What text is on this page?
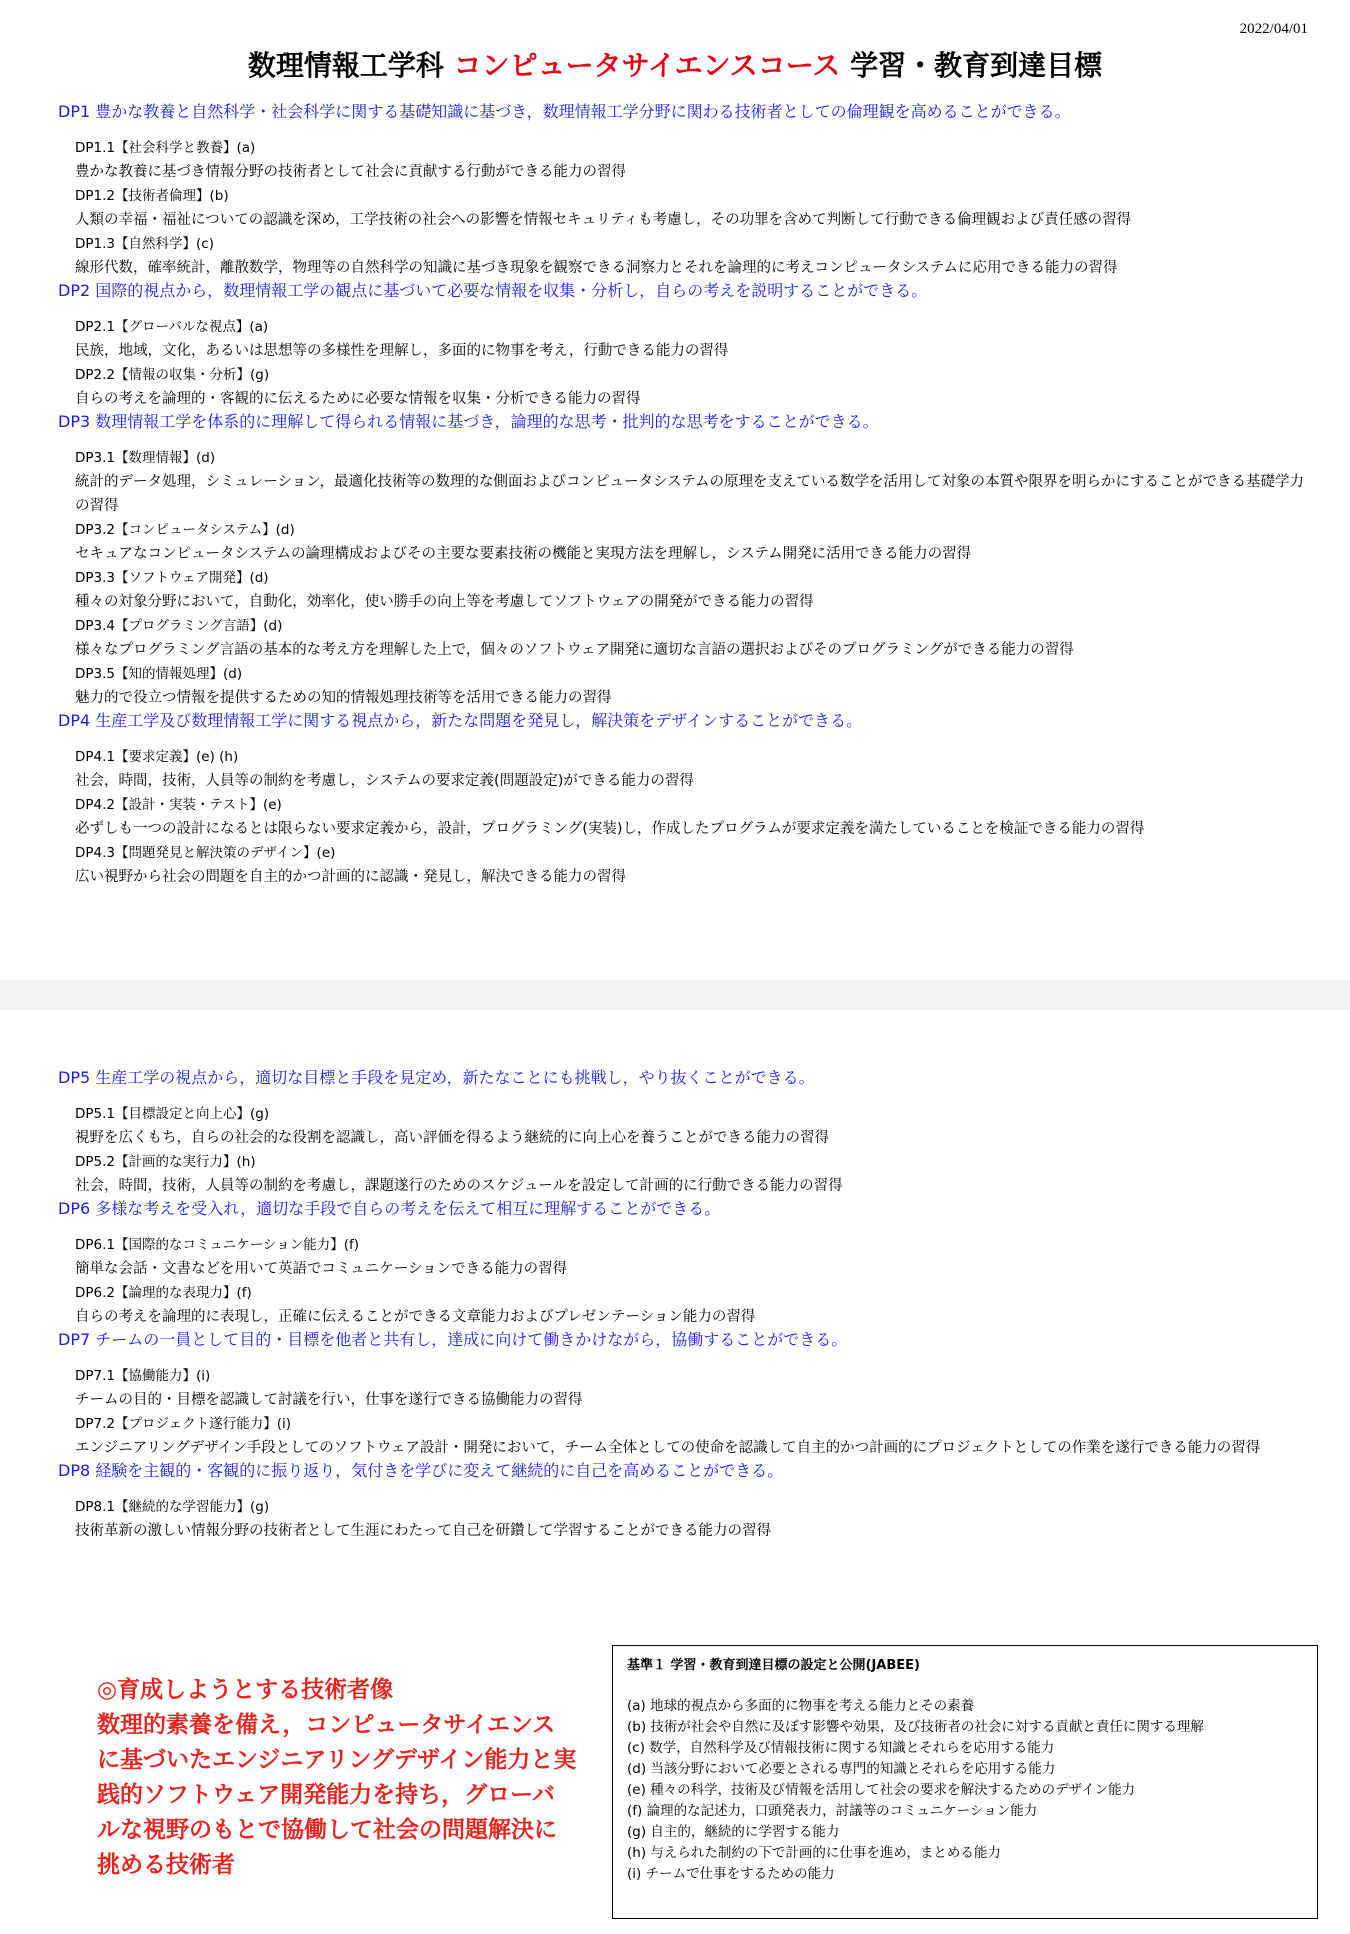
2022/04/01
数理情報工学科 コンピュータサイエンスコース 学習・教育到達目標
DP1 豊かな教養と自然科学・社会科学に関する基礎知識に基づき，数理情報工学分野に関わる技術者としての倫理観を高めることができる。
DP1.1【社会科学と教養】(a)
豊かな教養に基づき情報分野の技術者として社会に貢献する行動ができる能力の習得
DP1.2【技術者倫理】(b)
人類の幸福・福祉についての認識を深め，工学技術の社会への影響を情報セキュリティも考慮し，その功罪を含めて判断して行動できる倫理観および責任感の習得
DP1.3【自然科学】(c)
線形代数，確率統計，離散数学，物理等の自然科学の知識に基づき現象を観察できる洞察力とそれを論理的に考えコンピュータシステムに応用できる能力の習得
DP2 国際的視点から，数理情報工学の観点に基づいて必要な情報を収集・分析し，自らの考えを説明することができる。
DP2.1【グローバルな視点】(a)
民族，地域，文化，あるいは思想等の多様性を理解し，多面的に物事を考え，行動できる能力の習得
DP2.2【情報の収集・分析】(g)
自らの考えを論理的・客観的に伝えるために必要な情報を収集・分析できる能力の習得
DP3 数理情報工学を体系的に理解して得られる情報に基づき，論理的な思考・批判的な思考をすることができる。
DP3.1【数理情報】(d)
統計的データ処理，シミュレーション，最適化技術等の数理的な側面およびコンピュータシステムの原理を支えている数学を活用して対象の本質や限界を明らかにすることができる基礎学力の習得
DP3.2【コンピュータシステム】(d)
セキュアなコンピュータシステムの論理構成およびその主要な要素技術の機能と実現方法を理解し，システム開発に活用できる能力の習得
DP3.3【ソフトウェア開発】(d)
種々の対象分野において，自動化，効率化，使い勝手の向上等を考慮してソフトウェアの開発ができる能力の習得
DP3.4【プログラミング言語】(d)
様々なプログラミング言語の基本的な考え方を理解した上で，個々のソフトウェア開発に適切な言語の選択およびそのプログラミングができる能力の習得
DP3.5【知的情報処理】(d)
魅力的で役立つ情報を提供するための知的情報処理技術等を活用できる能力の習得
DP4 生産工学及び数理情報工学に関する視点から，新たな問題を発見し，解決策をデザインすることができる。
DP4.1【要求定義】(e) (h)
社会，時間，技術，人員等の制約を考慮し，システムの要求定義(問題設定)ができる能力の習得
DP4.2【設計・実装・テスト】(e)
必ずしも一つの設計になるとは限らない要求定義から，設計，プログラミング(実装)し，作成したプログラムが要求定義を満たしていることを検証できる能力の習得
DP4.3【問題発見と解決策のデザイン】(e)
広い視野から社会の問題を自主的かつ計画的に認識・発見し，解決できる能力の習得
DP5 生産工学の視点から，適切な目標と手段を見定め，新たなことにも挑戦し，やり抜くことができる。
DP5.1【目標設定と向上心】(g)
視野を広くもち，自らの社会的な役割を認識し，高い評価を得るよう継続的に向上心を養うことができる能力の習得
DP5.2【計画的な実行力】(h)
社会，時間，技術，人員等の制約を考慮し，課題遂行のためのスケジュールを設定して計画的に行動できる能力の習得
DP6 多様な考えを受入れ，適切な手段で自らの考えを伝えて相互に理解することができる。
DP6.1【国際的なコミュニケーション能力】(f)
簡単な会話・文書などを用いて英語でコミュニケーションできる能力の習得
DP6.2【論理的な表現力】(f)
自らの考えを論理的に表現し，正確に伝えることができる文章能力およびプレゼンテーション能力の習得
DP7 チームの一員として目的・目標を他者と共有し，達成に向けて働きかけながら，協働することができる。
DP7.1【協働能力】(i)
チームの目的・目標を認識して討議を行い，仕事を遂行できる協働能力の習得
DP7.2【プロジェクト遂行能力】(i)
エンジニアリングデザイン手段としてのソフトウェア設計・開発において，チーム全体としての使命を認識して自主的かつ計画的にプロジェクトとしての作業を遂行できる能力の習得
DP8 経験を主観的・客観的に振り返り，気付きを学びに変えて継続的に自己を高めることができる。
DP8.1【継続的な学習能力】(g)
技術革新の激しい情報分野の技術者として生涯にわたって自己を研鑽して学習することができる能力の習得
◎育成しようとする技術者像
数理的素養を備え，コンピュータサイエンスに基づいたエンジニアリングデザイン能力と実践的ソフトウェア開発能力を持ち，グローバルな視野のもとで協働して社会の問題解決に挑める技術者
基準１ 学習・教育到達目標の設定と公開(JABEE)
(a) 地球的視点から多面的に物事を考える能力とその素養
(b) 技術が社会や自然に及ぼす影響や効果，及び技術者の社会に対する貢献と責任に関する理解
(c) 数学，自然科学及び情報技術に関する知識とそれらを応用する能力
(d) 当該分野において必要とされる専門的知識とそれらを応用する能力
(e) 種々の科学，技術及び情報を活用して社会の要求を解決するためのデザイン能力
(f) 論理的な記述力，口頭発表力，討議等のコミュニケーション能力
(g) 自主的，継続的に学習する能力
(h) 与えられた制約の下で計画的に仕事を進め，まとめる能力
(i) チームで仕事をするための能力
